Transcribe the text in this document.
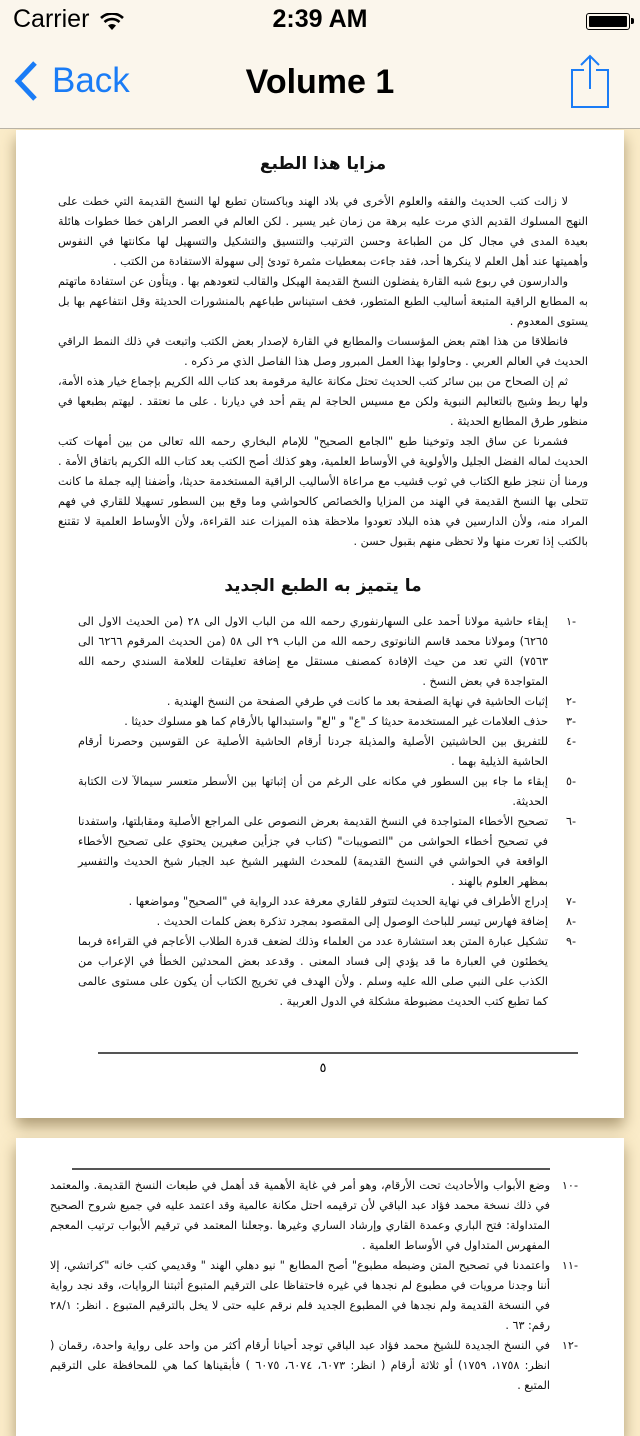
Carrier	2:39 AM
Back	Volume 1
مزايا هذا الطبع

لا زالت كتب الحديث والفقه والعلوم الأخرى في بلاد الهند وباكستان تطبع لها النسخ القديمة التي خطت على النهج المسلوك القديم الذي مرت عليه برهة من زمان غير يسير . لكن العالم في العصر الراهن خطا خطوات هائلة بعيدة المدى في مجال كل من الطباعة وحسن الترتيب والتنسيق والتشكيل والتسهيل لها مكانتها في النفوس وأهميتها عند أهل العلم لا ينكرها أحد، فقد جاءت بمعطيات مثمرة تودئ إلى سهولة الاستفادة من الكتب .

والدارسون في ربوع شبه القارة يفضلون النسخ القديمة الهيكل والقالب لتعودهم بها . ويتأون عن استفادة ماتهتم به المطابع الراقية المتبعة أساليب الطبع المتطور، فخف استيناس طباعهم بالمنشورات الحديثة وقل انتفاعهم بها بل يستوى المعدوم .

فانطلاقا من هذا اهتم بعض المؤسسات والمطابع في القارة لإصدار بعض الكتب واتبعت في ذلك النمط الراقي الحديث في العالم العربي . وحاولوا بهذا العمل المبرور وصل هذا الفاصل الذي مر ذكره .

ثم إن الصحاح من بين سائر كتب الحديث تحتل مكانة عالية مرقومة بعد كتاب الله الكريم بإجماع خيار هذه الأمة، ولها ربط وشيج بالتعاليم النبوية ولكن مع مسيس الحاجة لم يقم أحد في ديارنا . على ما نعتقد . ليهتم بطبعها في منظور طرق المطابع الحديثة .

فشمرنا عن ساق الجد وتوخينا طبع "الجامع الصحيح" للإمام البخاري رحمه الله تعالى من بين أمهات كتب الحديث لماله الفضل الجليل والأولوية في الأوساط العلمية، وهو كذلك أصح الكتب بعد كتاب الله الكريم باتفاق الأمة . ورمنا أن ننجز طبع الكتاب في ثوب قشيب مع مراعاة الأساليب الراقية المستخدمة حديثا، وأضفنا إليه جملة ما كانت تتحلى بها النسخ القديمة في الهند من المزايا والخصائص كالحواشي وما وقع بين السطور تسهيلا للقاري في فهم المراد منه، ولأن الدارسين في هذه البلاد تعودوا ملاحظة هذه الميزات عند القراءة، ولأن الأوساط العلمية لا تقتنع بالكتب إذا تعرت منها ولا تحظى منهم بقبول حسن .

ما يتميز به الطبع الجديد
-١
إبقاء حاشية مولانا أحمد على السهارنفوري رحمه الله من الباب الاول الى ٢٨ (من الحديث الاول الى ٦٢٦٥) ومولانا محمد قاسم النانوتوى رحمه الله من الباب ٢٩ الى ٥٨ (من الحديث المرقوم ٦٢٦٦ الى ٧٥٦٣) التي تعد من حيث الإفادة كمصنف مستقل مع إضافة تعليقات للعلامة السندي رحمه الله المتواجدة في بعض النسخ .
-٢
إثبات الحاشية في نهاية الصفحة بعد ما كانت في طرفي الصفحة من النسخ الهندية .
-٣
حذف العلامات غير المستخدمة حديثا كـ "ع" و "لع" واستبدالها بالأرقام كما هو مسلوك حديثا .
-٤
للتفريق بين الحاشيتين الأصلية والمذيلة جردنا أرقام الحاشية الأصلية عن القوسين وحصرنا أرقام الحاشية الذيلية بهما .
-٥
إبقاء ما جاء بين السطور في مكانه على الرغم من أن إثباتها بين الأسطر متعسر سيمالآ لات الكتابة الحديثة.
-٦
تصحيح الأخطاء المتواجدة في النسخ القديمة بعرض النصوص على المراجع الأصلية ومقابلتها، واستفدنا في تصحيح أخطاء الحواشى من "التصويبات" (كتاب في جزأين صغيرين يحتوي على تصحيح الأخطاء الواقعة في الحواشي في النسخ القديمة) للمحدث الشهير الشيخ عبد الجبار شيخ الحديث والتفسير بمظهر العلوم بالهند .
-٧
إدراج الأطراف في نهاية الحديث لتتوفر للقاري معرفة عدد الرواية في "الصحيح" ومواضعها .
-٨
إضافة فهارس تيسر للباحث الوصول إلى المقصود بمجرد تذكرة بعض كلمات الحديث .
-٩
تشكيل عبارة المتن بعد استشارة عدد من العلماء وذلك لضعف قدرة الطلاب الأعاجم في القراءة فربما يخطئون في العبارة ما قد يؤدي إلى فساد المعنى . وقدعد بعض المحدثين الخطأ في الإعراب من الكذب على النبي صلى الله عليه وسلم . ولأن الهدف في تخريج الكتاب أن يكون على مستوى عالمى كما تطبع كتب الحديث مضبوطة مشكلة في الدول العربية .
٥
-١٠
وضع الأبواب والأحاديث تحت الأرقام، وهو أمر في غاية الأهمية قد أهمل في طبعات النسخ القديمة. والمعتمد في ذلك نسخة محمد فؤاد عبد الباقي لأن ترقيمه احتل مكانة عالمية وقد اعتمد عليه في جميع شروح الصحيح المتداولة: فتح الباري وعمدة القاري وإرشاد الساري وغيرها .وجعلنا المعتمد في ترقيم الأبواب ترتيب المعجم المفهرس المتداول في الأوساط العلمية .
-١١
واعتمدنا في تصحيح المتن وضبطه مطبوع" أصح المطابع " نيو دهلي الهند " وقديمي كتب خانه "كراتشي، إلا أننا وجدنا مرويات في مطبوع لم نجدها في غيره فاحتفاظا على الترقيم المتبوع أثبتنا الروايات، وقد نجد رواية في النسخة القديمة ولم نجدها في المطبوع الجديد فلم نرقم عليه حتى لا يخل بالترقيم المتبوع . انظر: ٢٨/١ رقم: ٦٣ .
-١٢
في النسخ الجديدة للشيخ محمد فؤاد عبد الباقي توجد أحيانا أرقام أكثر من واحد على رواية واحدة، رقمان ( انظر: ١٧٥٨، ١٧٥٩) أو ثلاثة أرقام ( انظر: ٦٠٧٣، ٦٠٧٤، ٦٠٧٥ ) فأبقيناها كما هي للمحافظة على الترقيم المتبع .
